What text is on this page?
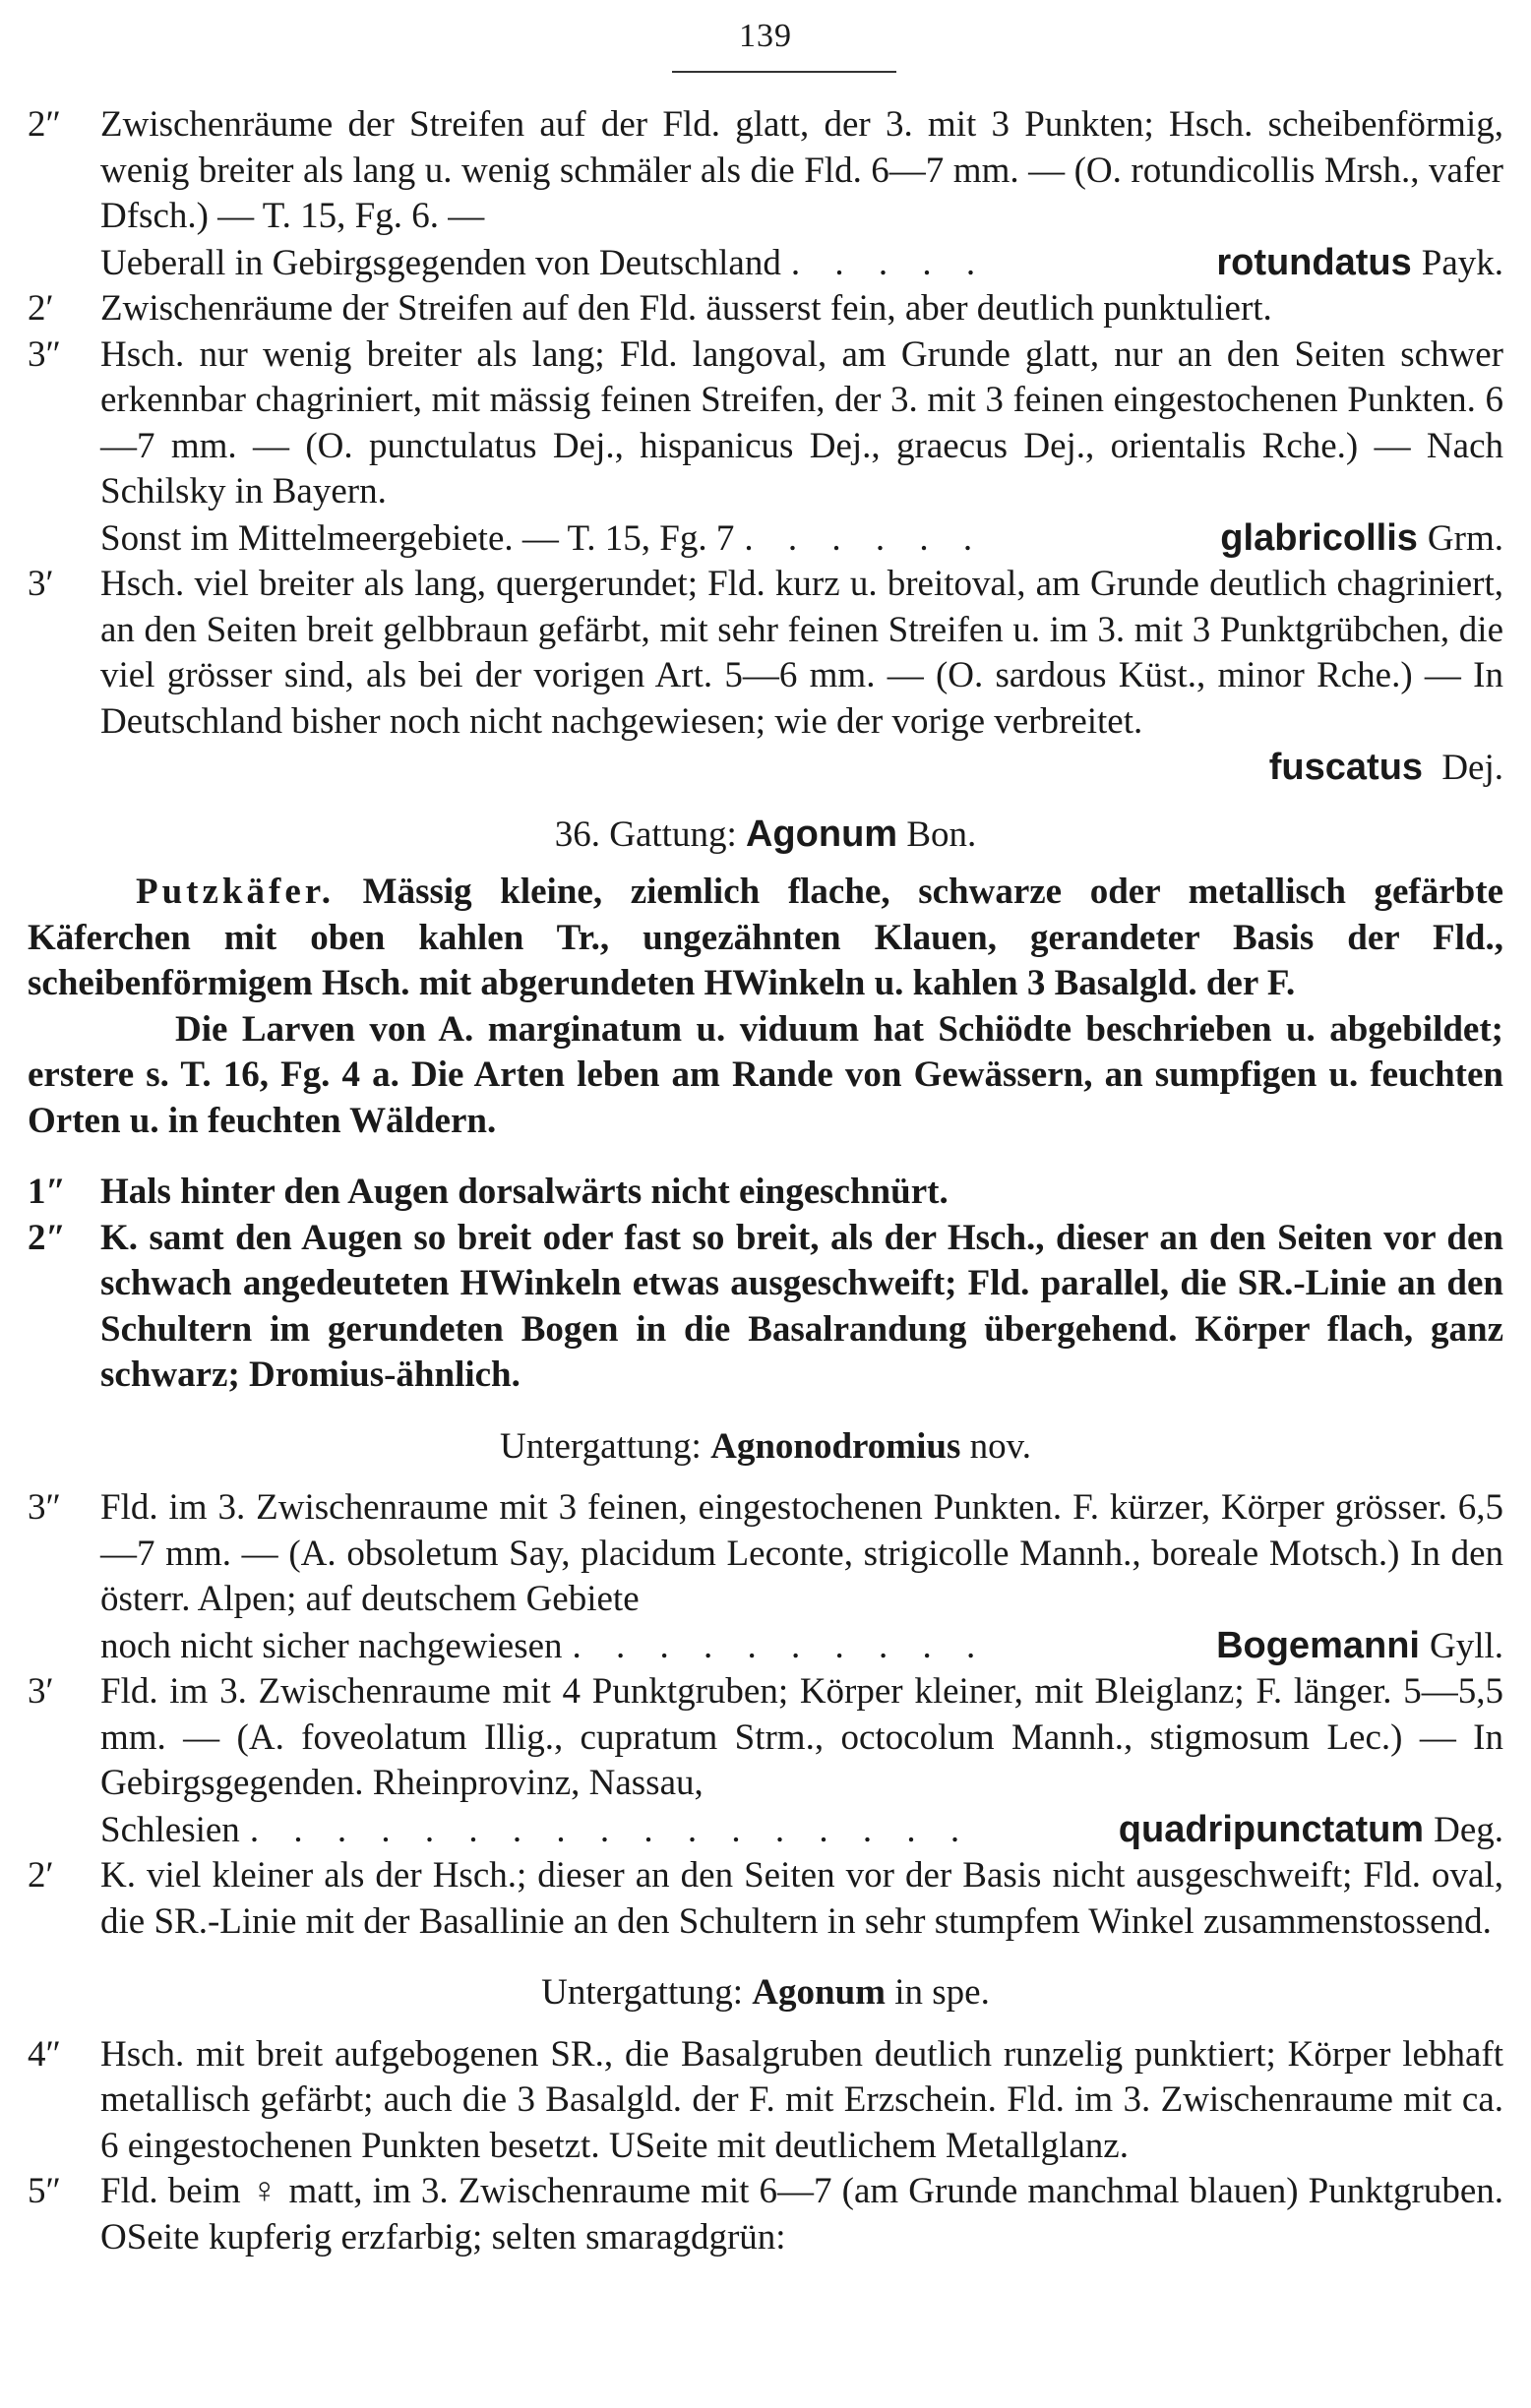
139
2″ Zwischenräume der Streifen auf der Fld. glatt, der 3. mit 3 Punkten; Hsch. scheibenförmig, wenig breiter als lang u. wenig schmäler als die Fld. 6—7 mm. — (O. rotundicollis Mrsh., vafer Dfsch.) — T. 15, Fg. 6. —
Ueberall in Gebirgsgegenden von Deutschland . . . . .	rotundatus Payk.
2′ Zwischenräume der Streifen auf den Fld. äusserst fein, aber deutlich punktuliert.
3″ Hsch. nur wenig breiter als lang; Fld. langoval, am Grunde glatt, nur an den Seiten schwer erkennbar chagriniert, mit mässig feinen Streifen, der 3. mit 3 feinen eingestochenen Punkten. 6—7 mm. — (O. punctulatus Dej., hispanicus Dej., graecus Dej., orientalis Rche.) — Nach Schilsky in Bayern.
Sonst im Mittelmeergebiete. — T. 15, Fg. 7 . . . . . .	glabricollis Grm.
3′ Hsch. viel breiter als lang, quergerundet; Fld. kurz u. breitoval, am Grunde deutlich chagriniert, an den Seiten breit gelbbraun gefärbt, mit sehr feinen Streifen u. im 3. mit 3 Punktgrübchen, die viel grösser sind, als bei der vorigen Art. 5—6 mm. — (O. sardous Küst., minor Rche.) — In Deutschland bisher noch nicht nachgewiesen; wie der vorige verbreitet.
fuscatus Dej.
36. Gattung: Agonum Bon.
Putzkäfer. Mässig kleine, ziemlich flache, schwarze oder metallisch gefärbte Käferchen mit oben kahlen Tr., ungezähnten Klauen, gerandeter Basis der Fld., scheibenförmigem Hsch. mit abgerundeten HWinkeln u. kahlen 3 Basalgld. der F.
Die Larven von A. marginatum u. viduum hat Schiödte beschrieben u. abgebildet; erstere s. T. 16, Fg. 4 a. Die Arten leben am Rande von Gewässern, an sumpfigen u. feuchten Orten u. in feuchten Wäldern.
1″ Hals hinter den Augen dorsalwärts nicht eingeschnürt.
2″ K. samt den Augen so breit oder fast so breit, als der Hsch., dieser an den Seiten vor den schwach angedeuteten HWinkeln etwas ausgeschweift; Fld. parallel, die SR.-Linie an den Schultern im gerundeten Bogen in die Basalrandung übergehend. Körper flach, ganz schwarz; Dromius-ähnlich.
Untergattung: Agnonodromius nov.
3″ Fld. im 3. Zwischenraume mit 3 feinen, eingestochenen Punkten. F. kürzer, Körper grösser. 6,5—7 mm. — (A. obsoletum Say, placidum Leconte, strigicolle Mannh., boreale Motsch.) In den österr. Alpen; auf deutschem Gebiete
noch nicht sicher nachgewiesen . . . . . . . . . .	Bogemanni Gyll.
3′ Fld. im 3. Zwischenraume mit 4 Punktgruben; Körper kleiner, mit Bleiglanz; F. länger. 5—5,5 mm. — (A. foveolatum Illig., cupratum Strm., octocolum Mannh., stigmosum Lec.) — In Gebirgsgegenden. Rheinprovinz, Nassau,
Schlesien . . . . . . . . . . . . . . . . .	quadripunctatum Deg.
2′ K. viel kleiner als der Hsch.; dieser an den Seiten vor der Basis nicht ausgeschweift; Fld. oval, die SR.-Linie mit der Basallinie an den Schultern in sehr stumpfem Winkel zusammenstossend.
Untergattung: Agonum in spe.
4″ Hsch. mit breit aufgebogenen SR., die Basalgruben deutlich runzelig punktiert; Körper lebhaft metallisch gefärbt; auch die 3 Basalgld. der F. mit Erzschein. Fld. im 3. Zwischenraume mit ca. 6 eingestochenen Punkten besetzt. USeite mit deutlichem Metallglanz.
5″ Fld. beim ♀ matt, im 3. Zwischenraume mit 6—7 (am Grunde manchmal blauen) Punktgruben. OSeite kupferig erzfarbig; selten smaragdgrün:
